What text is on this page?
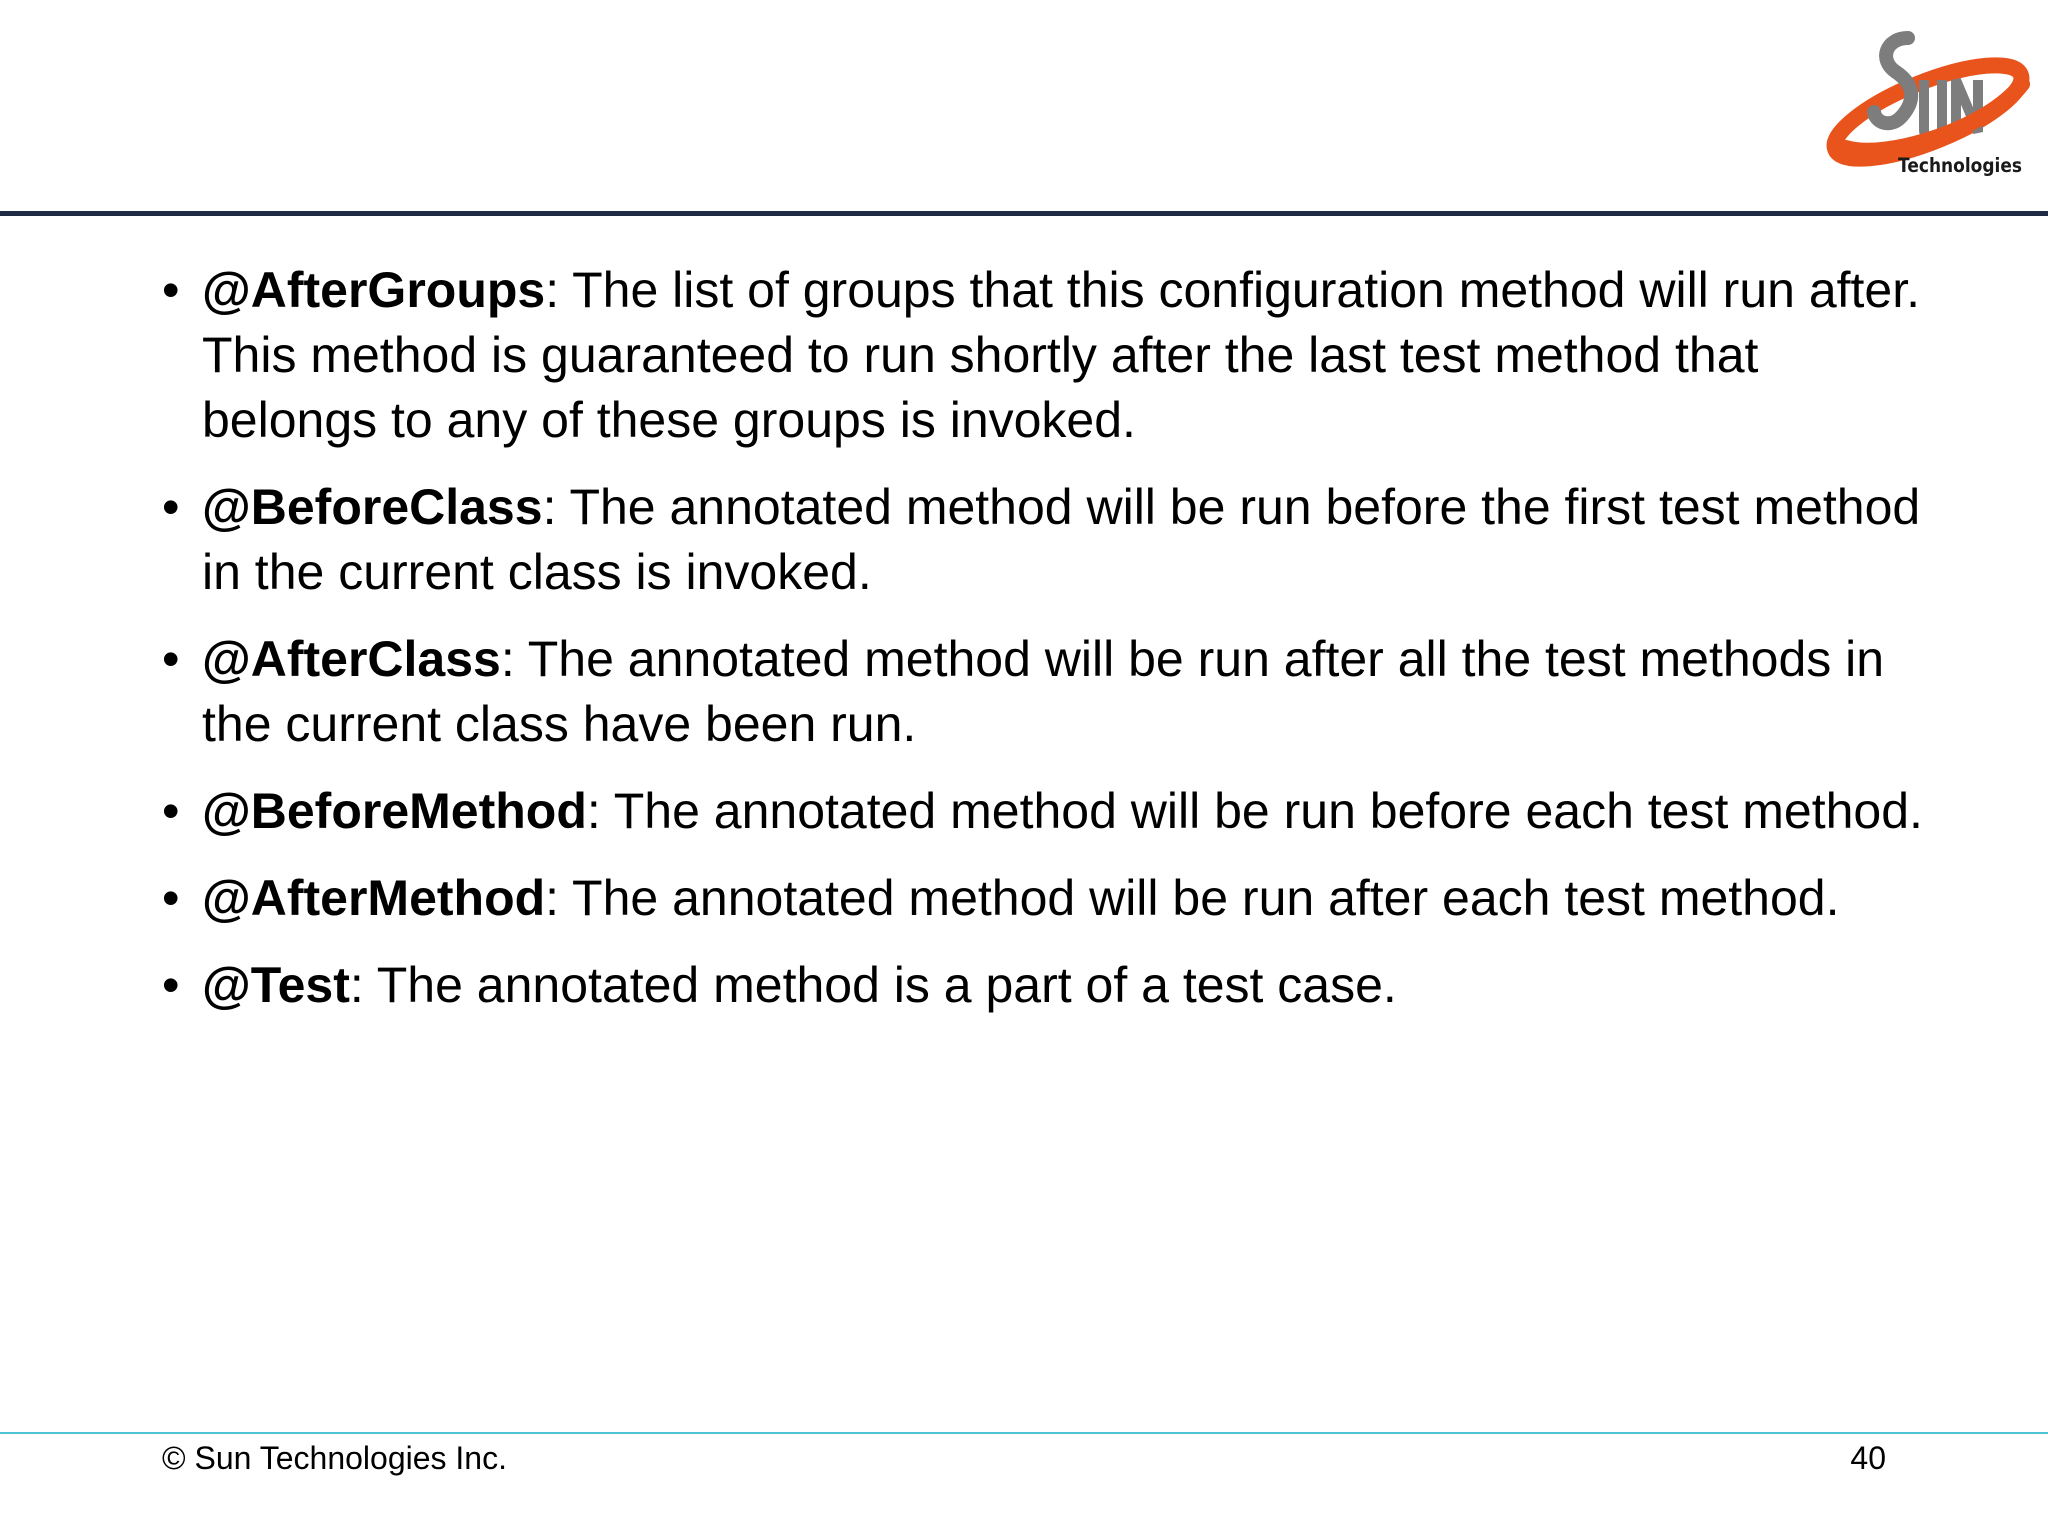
Technologies
• @AfterGroups: The list of groups that this configuration method will run after. This method is guaranteed to run shortly after the last test method that belongs to any of these groups is invoked.
• @BeforeClass: The annotated method will be run before the first test method in the current class is invoked.
• @AfterClass: The annotated method will be run after all the test methods in the current class have been run.
• @BeforeMethod: The annotated method will be run before each test method.
• @AfterMethod: The annotated method will be run after each test method.
• @Test: The annotated method is a part of a test case.
© Sun Technologies Inc.	40
